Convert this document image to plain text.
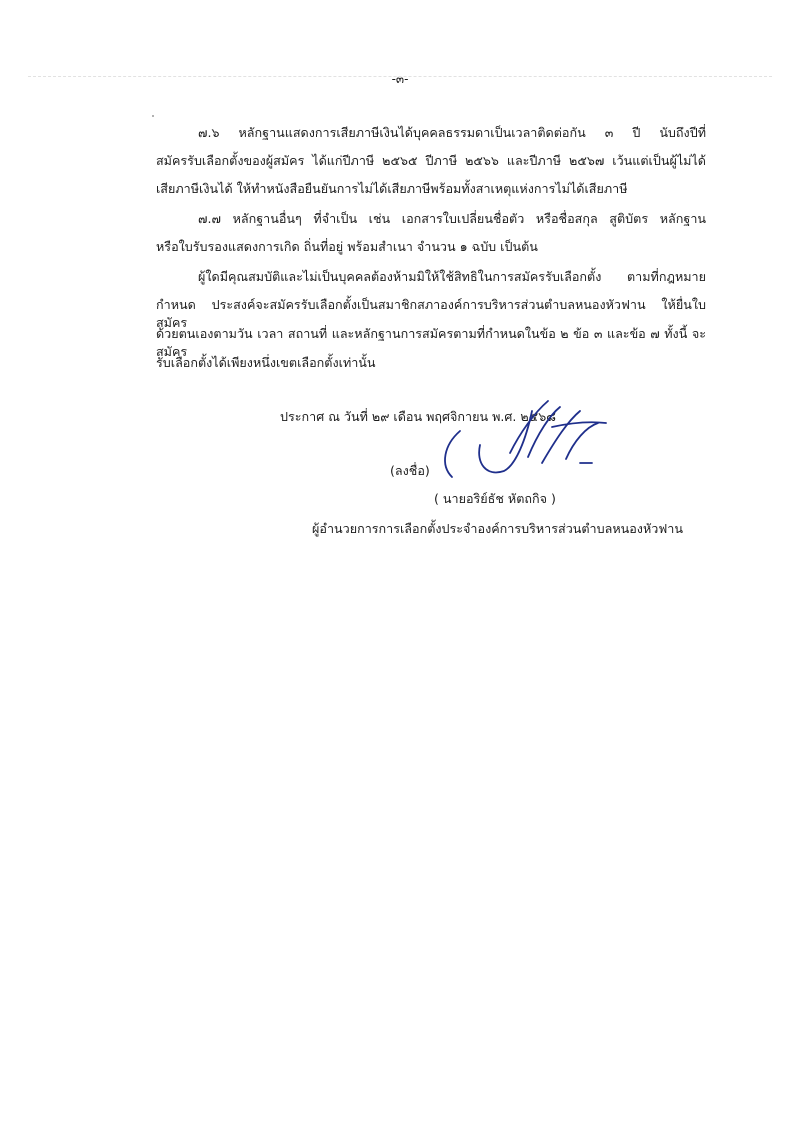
-๓-
๗.๖ หลักฐานแสดงการเสียภาษีเงินได้บุคคลธรรมดาเป็นเวลาติดต่อกัน ๓ ปี นับถึงปีที่
สมัครรับเลือกตั้งของผู้สมัคร ได้แก่ปีภาษี ๒๕๖๕ ปีภาษี ๒๕๖๖ และปีภาษี ๒๕๖๗ เว้นแต่เป็นผู้ไม่ได้
เสียภาษีเงินได้ ให้ทำหนังสือยืนยันการไม่ได้เสียภาษีพร้อมทั้งสาเหตุแห่งการไม่ได้เสียภาษี
๗.๗ หลักฐานอื่นๆ ที่จำเป็น เช่น เอกสารใบเปลี่ยนชื่อตัว หรือชื่อสกุล สูติบัตร หลักฐาน
หรือใบรับรองแสดงการเกิด ถิ่นที่อยู่ พร้อมสำเนา จำนวน ๑ ฉบับ เป็นต้น
ผู้ใดมีคุณสมบัติและไม่เป็นบุคคลต้องห้ามมิให้ใช้สิทธิในการสมัครรับเลือกตั้ง ตามที่กฎหมาย
กำหนด ประสงค์จะสมัครรับเลือกตั้งเป็นสมาชิกสภาองค์การบริหารส่วนตำบลหนองหัวฟาน ให้ยื่นใบสมัคร
ด้วยตนเองตามวัน เวลา สถานที่ และหลักฐานการสมัครตามที่กำหนดในข้อ ๒ ข้อ ๓ และข้อ ๗ ทั้งนี้ จะสมัคร
รับเลือกตั้งได้เพียงหนึ่งเขตเลือกตั้งเท่านั้น
ประกาศ ณ วันที่ ๒๙ เดือน พฤศจิกายน พ.ศ. ๒๕๖๘
(ลงชื่อ)
( นายอริย์ธัช หัตถกิจ )
ผู้อำนวยการการเลือกตั้งประจำองค์การบริหารส่วนตำบลหนองหัวฟาน
